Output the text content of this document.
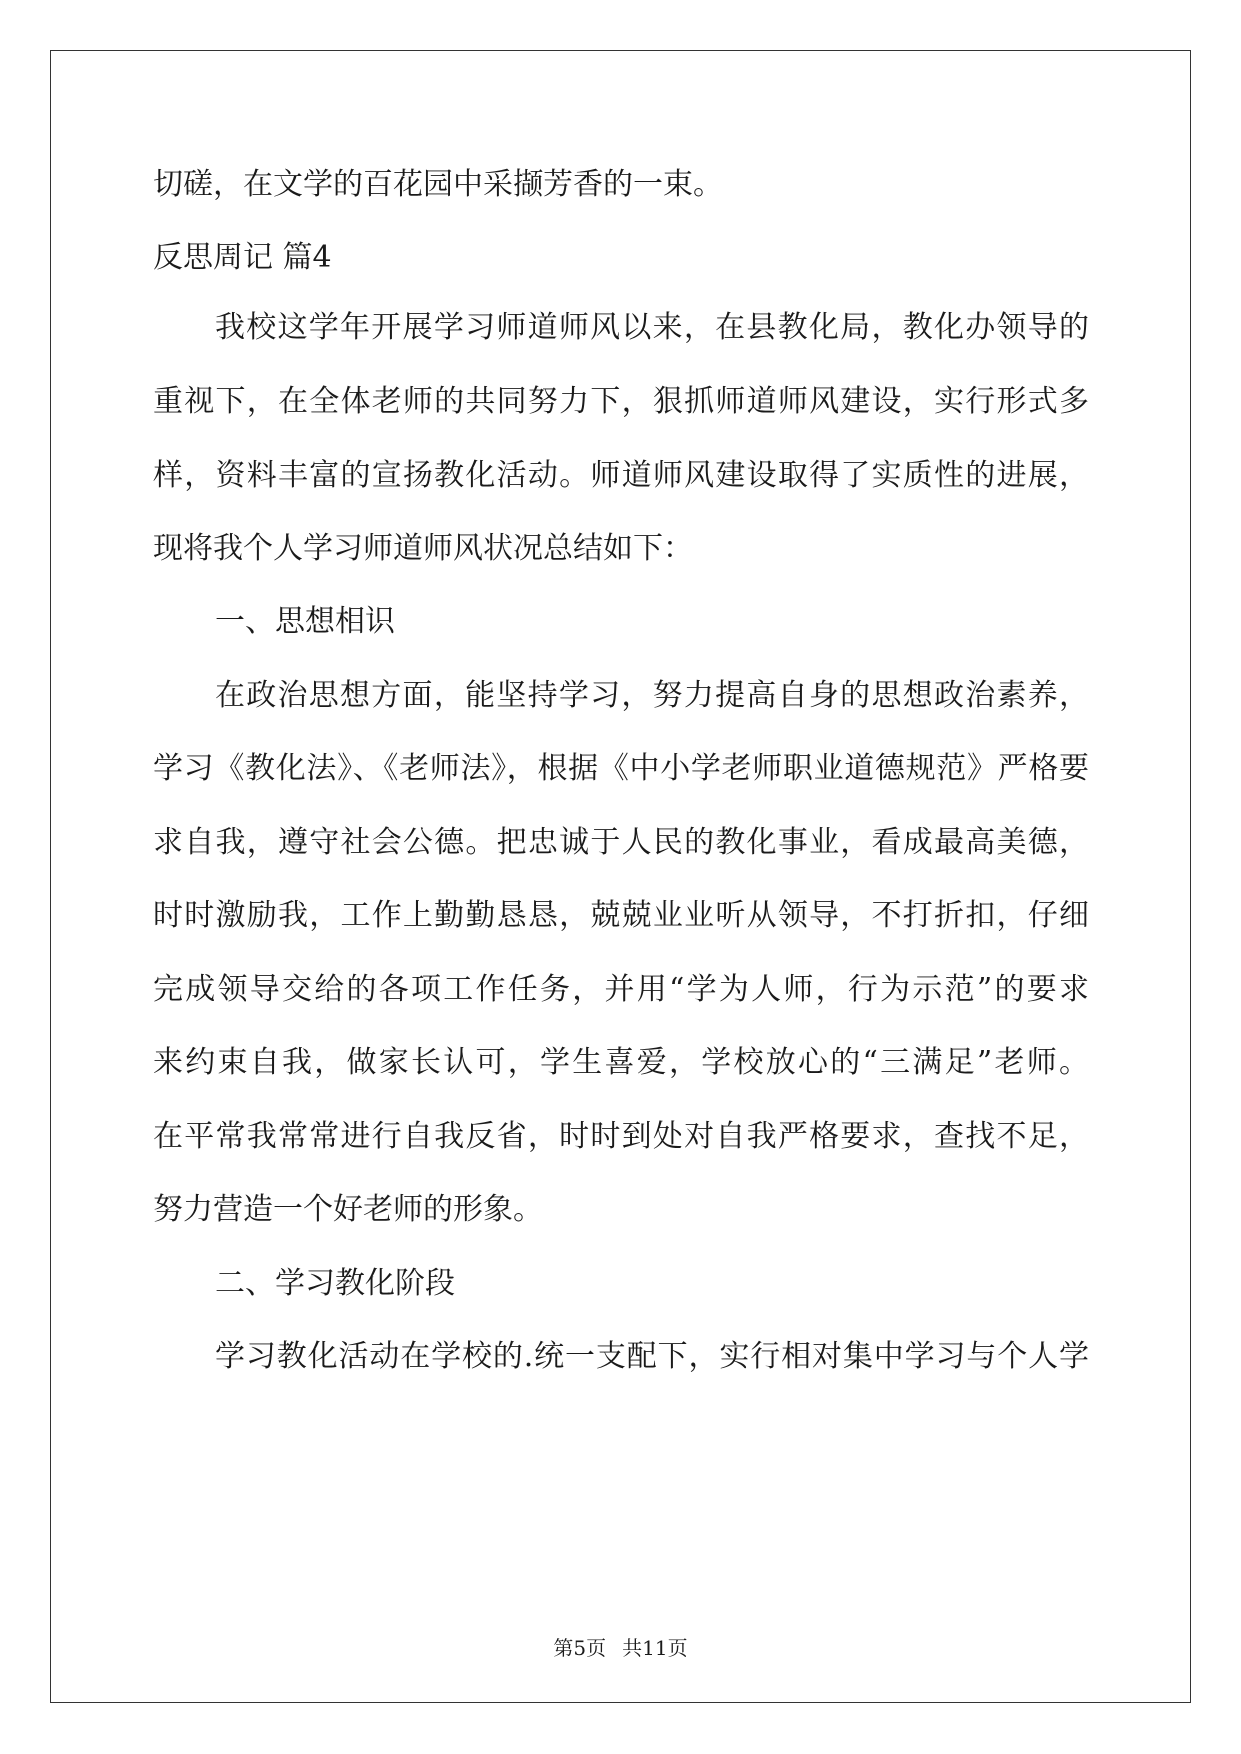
切磋，在文学的百花园中采撷芳香的一束。
反思周记 篇4
我校这学年开展学习师道师风以来，在县教化局，教化办领导的
重视下，在全体老师的共同努力下，狠抓师道师风建设，实行形式多
样，资料丰富的宣扬教化活动。师道师风建设取得了实质性的进展，
现将我个人学习师道师风状况总结如下：
一、思想相识
在政治思想方面，能坚持学习，努力提高自身的思想政治素养，
学习《教化法》、《老师法》，根据《中小学老师职业道德规范》严格要
求自我，遵守社会公德。把忠诚于人民的教化事业，看成最高美德，
时时激励我，工作上勤勤恳恳，兢兢业业听从领导，不打折扣，仔细
完成领导交给的各项工作任务，并用“学为人师，行为示范”的要求
来约束自我，做家长认可，学生喜爱，学校放心的“三满足”老师。
在平常我常常进行自我反省，时时到处对自我严格要求，查找不足，
努力营造一个好老师的形象。
二、学习教化阶段
学习教化活动在学校的.统一支配下，实行相对集中学习与个人学
第5页 共11页
